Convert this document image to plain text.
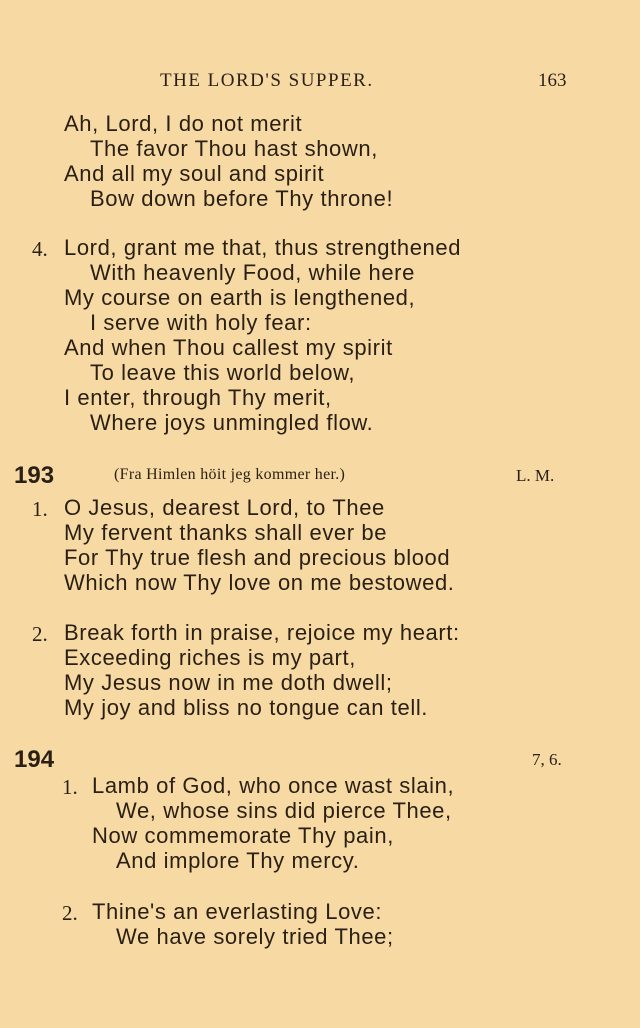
THE LORD'S SUPPER.	163
Ah, Lord, I do not merit
The favor Thou hast shown,
And all my soul and spirit
Bow down before Thy throne!
4. Lord, grant me that, thus strengthened
With heavenly Food, while here
My course on earth is lengthened,
I serve with holy fear:
And when Thou callest my spirit
To leave this world below,
I enter, through Thy merit,
Where joys unmingled flow.
193	(Fra Himlen höit jeg kommer her.)	L. M.
1. O Jesus, dearest Lord, to Thee
My fervent thanks shall ever be
For Thy true flesh and precious blood
Which now Thy love on me bestowed.
2. Break forth in praise, rejoice my heart:
Exceeding riches is my part,
My Jesus now in me doth dwell;
My joy and bliss no tongue can tell.
194	7, 6.
1. Lamb of God, who once wast slain,
We, whose sins did pierce Thee,
Now commemorate Thy pain,
And implore Thy mercy.
2. Thine's an everlasting Love:
We have sorely tried Thee;
